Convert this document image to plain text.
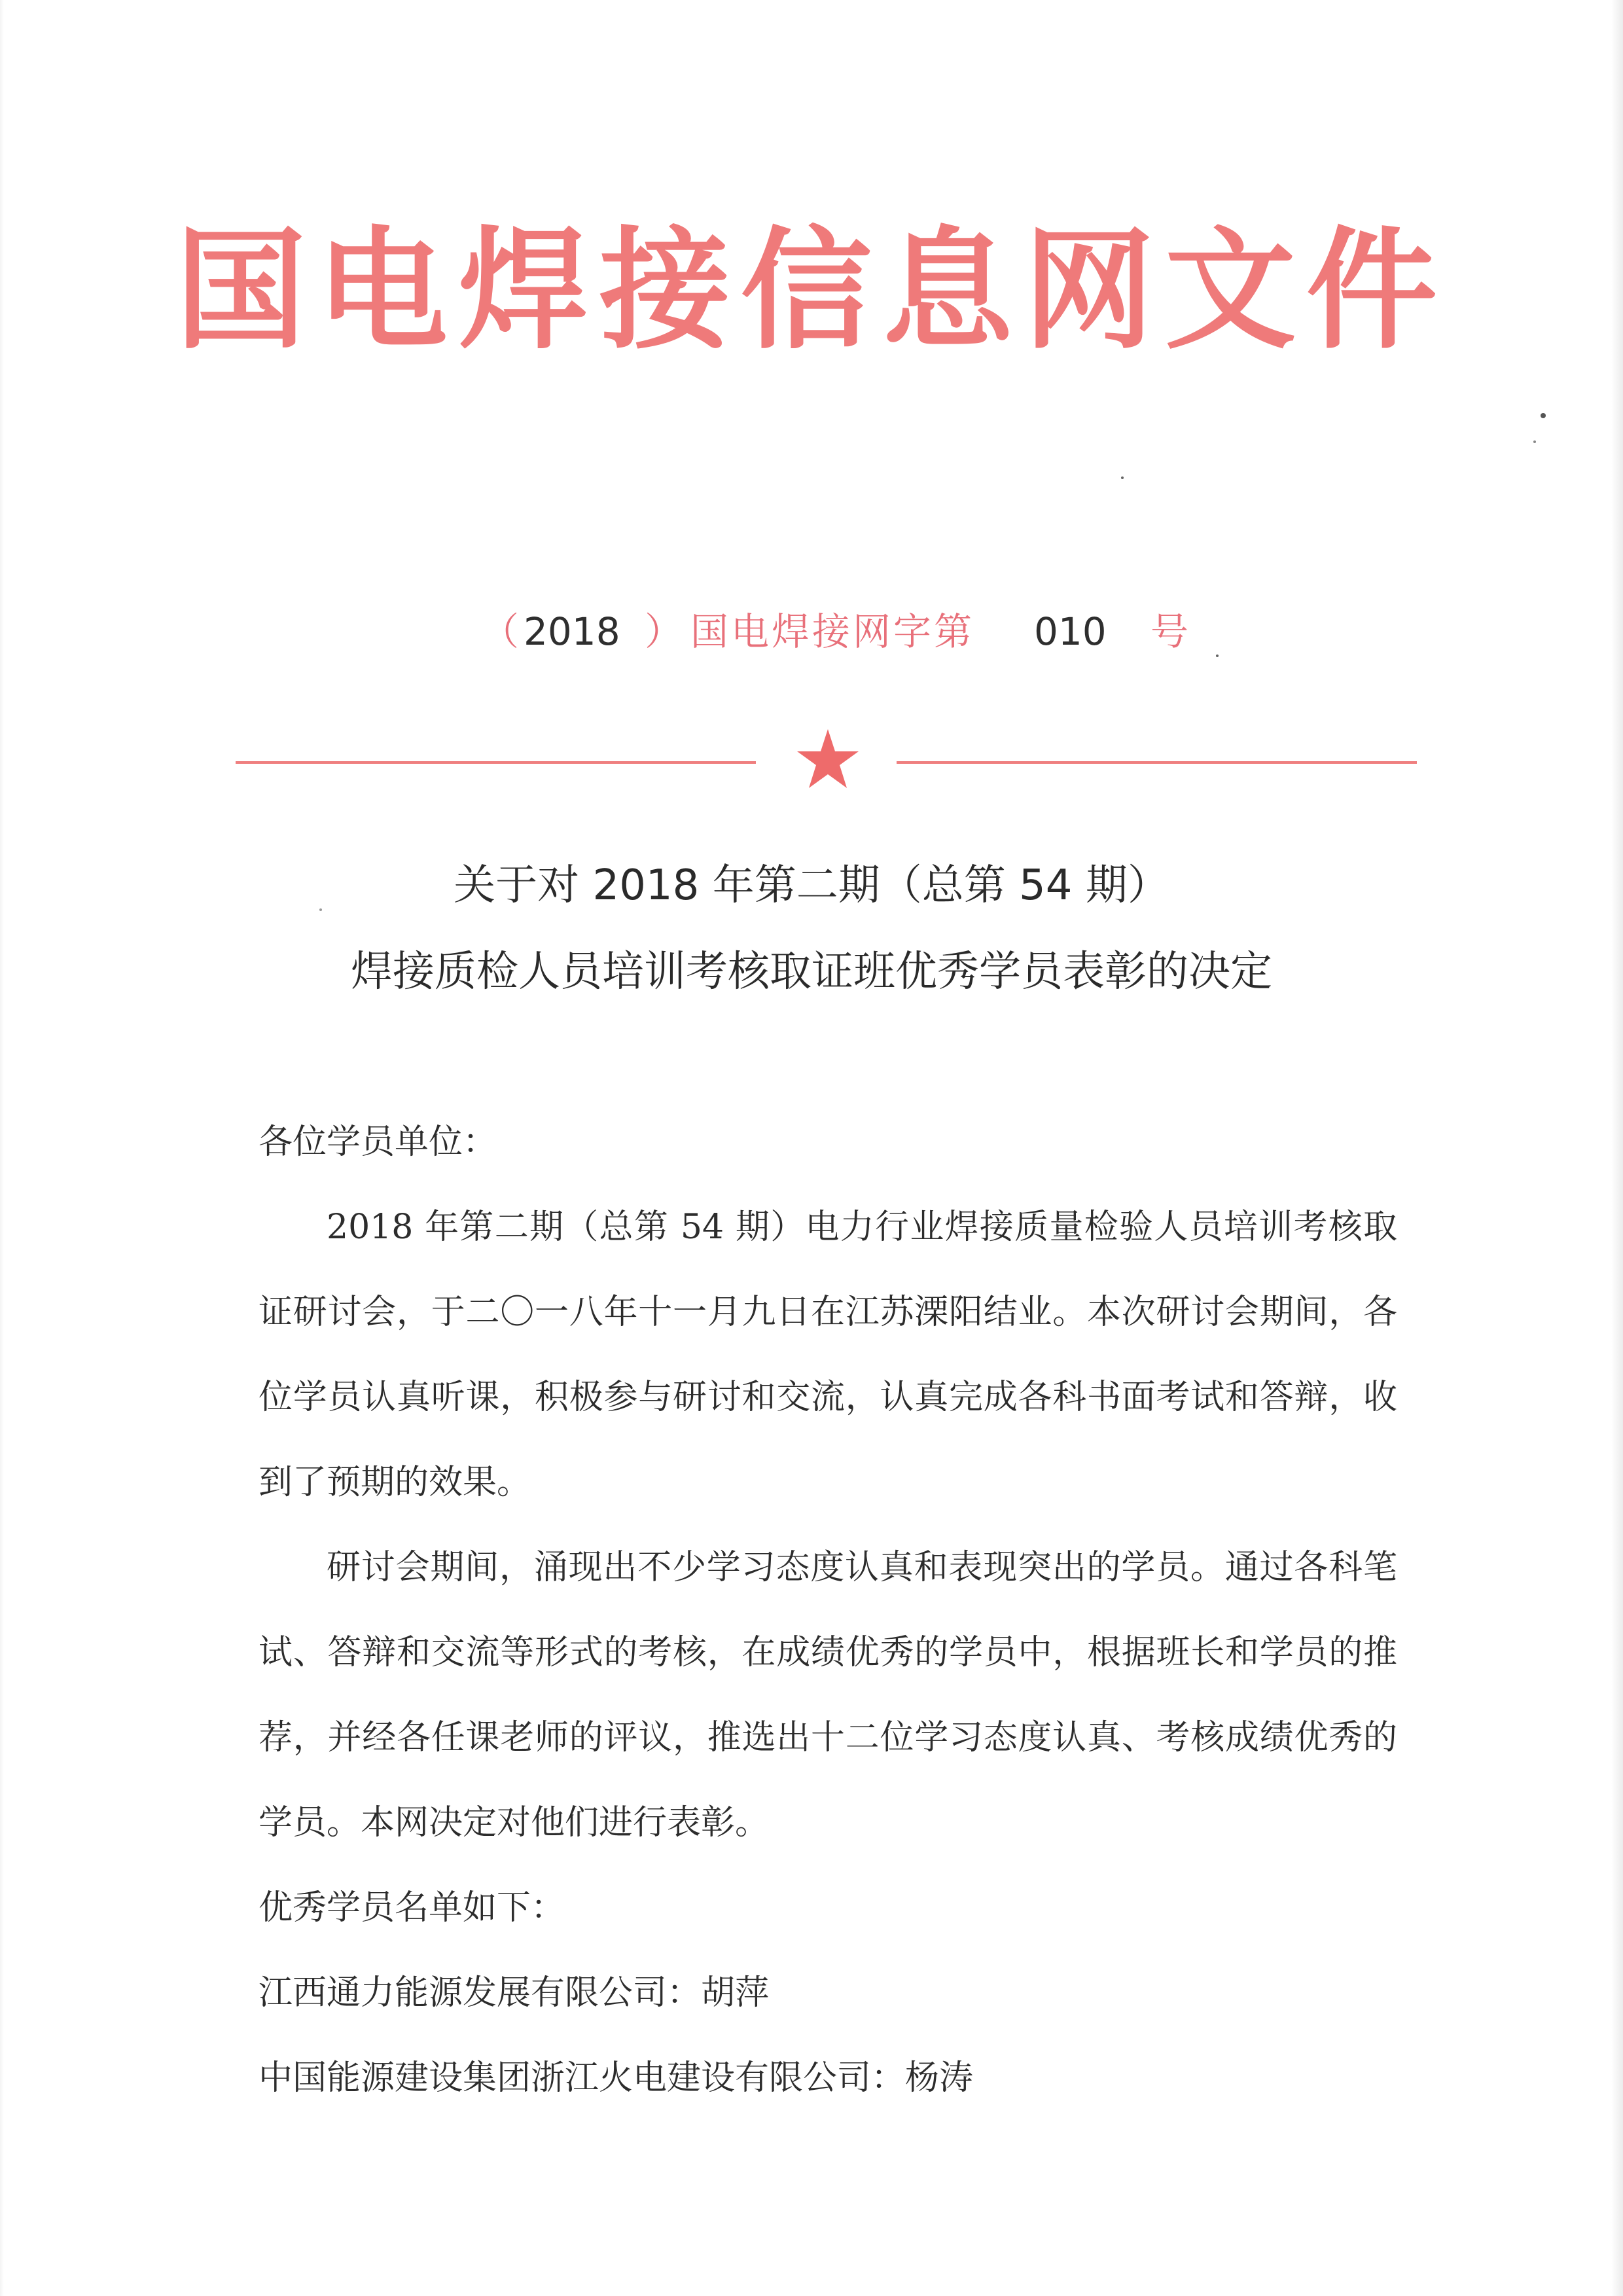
国电焊接信息网文件
（ 2018 ） 国电焊接网字第 010 号
关于对 2018 年第二期（总第 54 期）
焊接质检人员培训考核取证班优秀学员表彰的决定
各位学员单位：

2018 年第二期（总第 54 期）电力行业焊接质量检验人员培训考核取证研讨会，于二〇一八年十一月九日在江苏溧阳结业。本次研讨会期间，各位学员认真听课，积极参与研讨和交流，认真完成各科书面考试和答辩，收到了预期的效果。

研讨会期间，涌现出不少学习态度认真和表现突出的学员。通过各科笔试、答辩和交流等形式的考核，在成绩优秀的学员中，根据班长和学员的推荐，并经各任课老师的评议，推选出十二位学习态度认真、考核成绩优秀的学员。本网决定对他们进行表彰。

优秀学员名单如下：
江西通力能源发展有限公司：胡萍
中国能源建设集团浙江火电建设有限公司：杨涛
